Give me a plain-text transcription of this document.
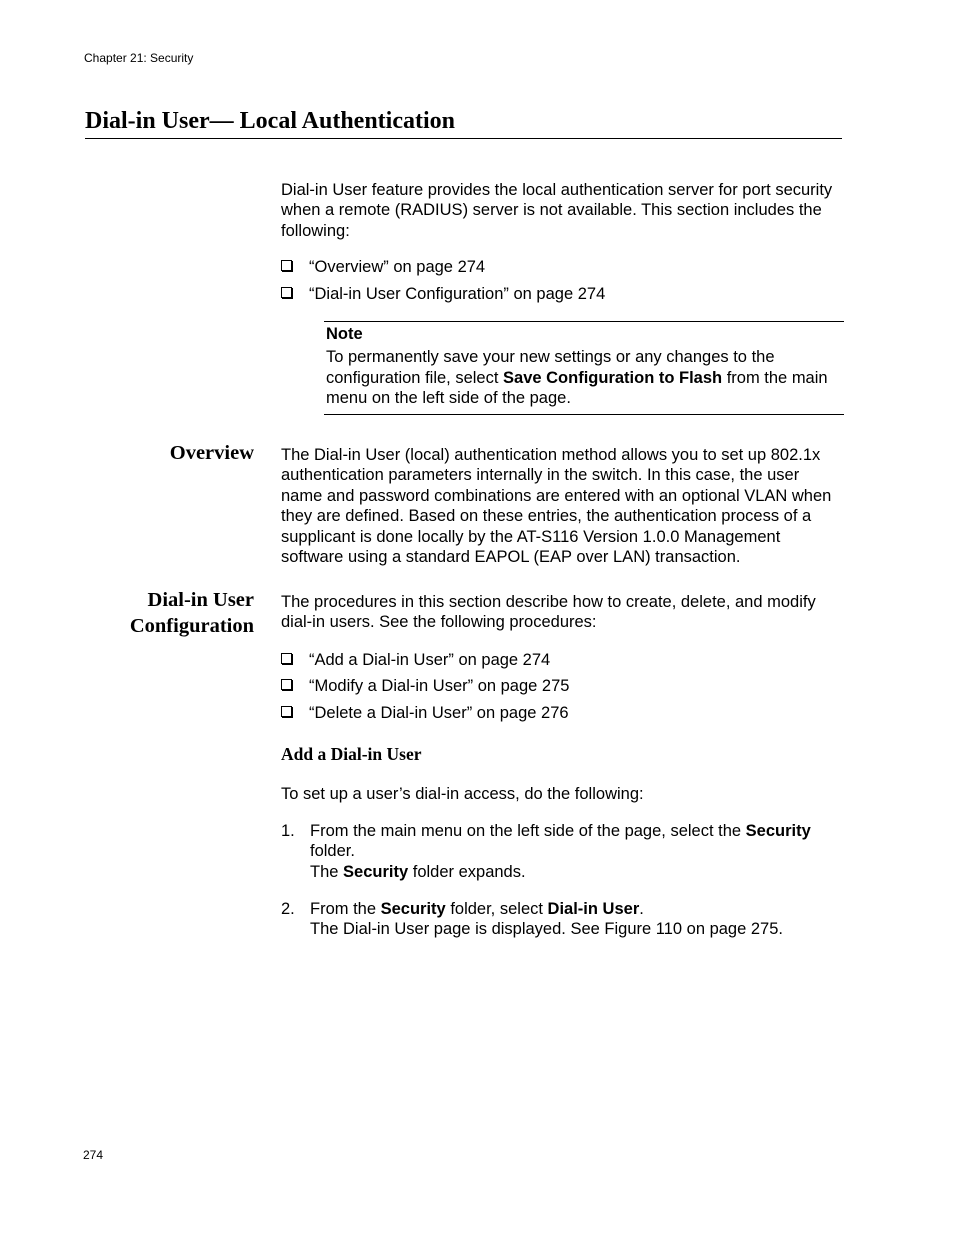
Chapter 21: Security
Dial-in User— Local Authentication
Dial-in User feature provides the local authentication server for port security when a remote (RADIUS) server is not available. This section includes the following:
“Overview” on page 274
“Dial-in User Configuration” on page 274
Note
To permanently save your new settings or any changes to the configuration file, select Save Configuration to Flash from the main menu on the left side of the page.
Overview The Dial-in User (local) authentication method allows you to set up 802.1x authentication parameters internally in the switch. In this case, the user name and password combinations are entered with an optional VLAN when they are defined. Based on these entries, the authentication process of a supplicant is done locally by the AT-S116 Version 1.0.0 Management software using a standard EAPOL (EAP over LAN) transaction.
Dial-in User
Configuration
The procedures in this section describe how to create, delete, and modify dial-in users. See the following procedures:
“Add a Dial-in User” on page 274
“Modify a Dial-in User” on page 275
“Delete a Dial-in User” on page 276
Add a Dial-in User
To set up a user’s dial-in access, do the following:
1. From the main menu on the left side of the page, select the Security folder.
The Security folder expands.
2. From the Security folder, select Dial-in User.
The Dial-in User page is displayed. See Figure 110 on page 275.
274
